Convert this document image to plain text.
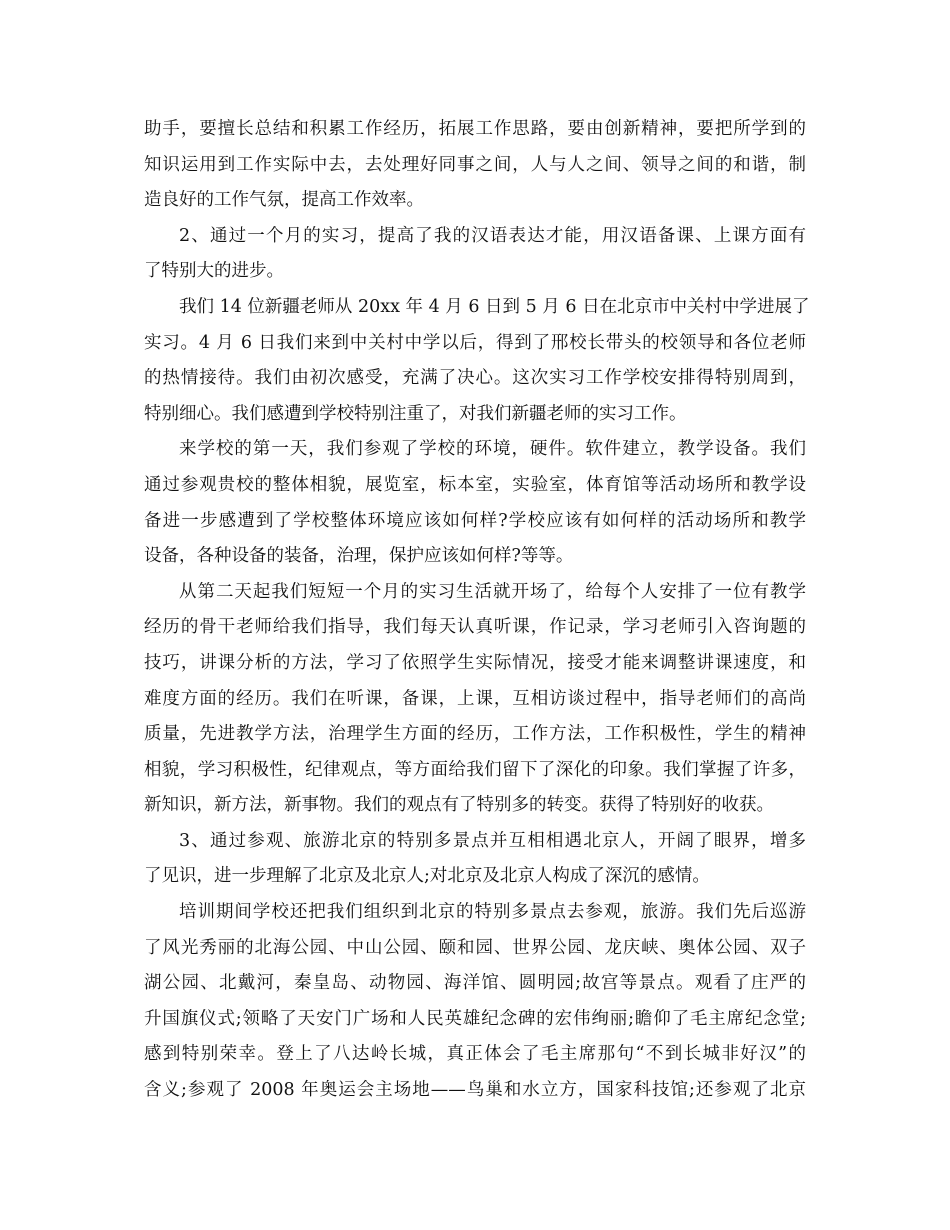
助手，要擅长总结和积累工作经历，拓展工作思路，要由创新精神，要把所学到的
知识运用到工作实际中去，去处理好同事之间，人与人之间、领导之间的和谐，制
造良好的工作气氛，提高工作效率。
2、通过一个月的实习，提高了我的汉语表达才能，用汉语备课、上课方面有
了特别大的进步。
我们 14 位新疆老师从 20xx 年 4 月 6 日到 5 月 6 日在北京市中关村中学进展了
实习。4 月 6 日我们来到中关村中学以后，得到了邢校长带头的校领导和各位老师
的热情接待。我们由初次感受，充满了决心。这次实习工作学校安排得特别周到，
特别细心。我们感遭到学校特别注重了，对我们新疆老师的实习工作。
来学校的第一天，我们参观了学校的环境，硬件。软件建立，教学设备。我们
通过参观贵校的整体相貌，展览室，标本室，实验室，体育馆等活动场所和教学设
备进一步感遭到了学校整体环境应该如何样?学校应该有如何样的活动场所和教学
设备，各种设备的装备，治理，保护应该如何样?等等。
从第二天起我们短短一个月的实习生活就开场了，给每个人安排了一位有教学
经历的骨干老师给我们指导，我们每天认真听课，作记录，学习老师引入咨询题的
技巧，讲课分析的方法，学习了依照学生实际情况，接受才能来调整讲课速度，和
难度方面的经历。我们在听课，备课，上课，互相访谈过程中，指导老师们的高尚
质量，先进教学方法，治理学生方面的经历，工作方法，工作积极性，学生的精神
相貌，学习积极性，纪律观点，等方面给我们留下了深化的印象。我们掌握了许多，
新知识，新方法，新事物。我们的观点有了特别多的转变。获得了特别好的收获。
3、通过参观、旅游北京的特别多景点并互相相遇北京人，开阔了眼界，增多
了见识，进一步理解了北京及北京人;对北京及北京人构成了深沉的感情。
培训期间学校还把我们组织到北京的特别多景点去参观，旅游。我们先后巡游
了风光秀丽的北海公园、中山公园、颐和园、世界公园、龙庆峡、奥体公园、双子
湖公园、北戴河，秦皇岛、动物园、海洋馆、圆明园;故宫等景点。观看了庄严的
升国旗仪式;领略了天安门广场和人民英雄纪念碑的宏伟绚丽;瞻仰了毛主席纪念堂;
感到特别荣幸。登上了八达岭长城，真正体会了毛主席那句“不到长城非好汉”的
含义;参观了 2008 年奥运会主场地——鸟巢和水立方，国家科技馆;还参观了北京
